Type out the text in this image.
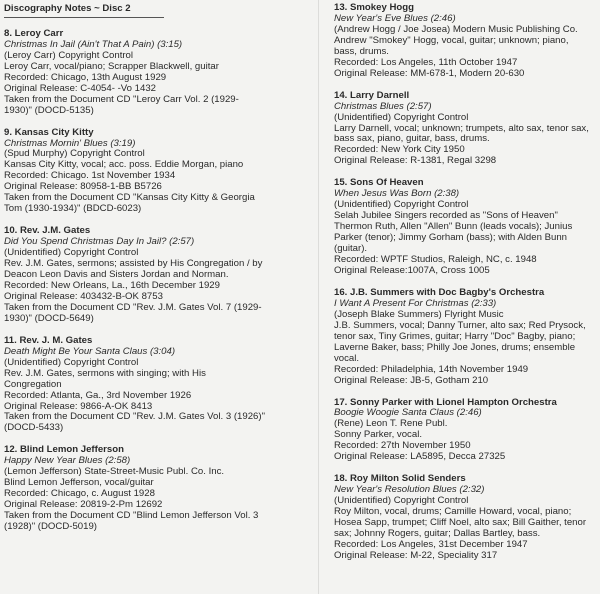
Discography Notes ~ Disc 2
8. Leroy Carr
Christmas In Jail (Ain't That A Pain) (3:15)
(Leroy Carr) Copyright Control
Leroy Carr, vocal/piano; Scrapper Blackwell, guitar
Recorded: Chicago, 13th August 1929
Original Release: C-4054- -Vo 1432
Taken from the Document CD "Leroy Carr Vol. 2 (1929-
1930)" (DOCD-5135)
9. Kansas City Kitty
Christmas Mornin' Blues (3:19)
(Spud Murphy) Copyright Control
Kansas City Kitty, vocal; acc. poss. Eddie Morgan, piano
Recorded: Chicago. 1st November 1934
Original Release: 80958-1-BB B5726
Taken from the Document CD "Kansas City Kitty & Georgia
Tom (1930-1934)" (BDCD-6023)
10. Rev. J.M. Gates
Did You Spend Christmas Day In Jail? (2:57)
(Unidentified) Copyright Control
Rev. J.M. Gates, sermons; assisted by His Congregation / by
Deacon Leon Davis and Sisters Jordan and Norman.
Recorded: New Orleans, La., 16th December 1929
Original Release: 403432-B-OK 8753
Taken from the Document CD "Rev. J.M. Gates Vol. 7 (1929-
1930)" (DOCD-5649)
11. Rev. J. M. Gates
Death Might Be Your Santa Claus (3:04)
(Unidentified) Copyright Control
Rev. J.M. Gates, sermons with singing; with His
Congregation
Recorded: Atlanta, Ga., 3rd November 1926
Original Release: 9866-A-OK 8413
Taken from the Document CD "Rev. J.M. Gates Vol. 3 (1926)"
(DOCD-5433)
12. Blind Lemon Jefferson
Happy New Year Blues (2:58)
(Lemon Jefferson) State-Street-Music Publ. Co. Inc.
Blind Lemon Jefferson, vocal/guitar
Recorded: Chicago, c. August 1928
Original Release: 20819-2-Pm 12692
Taken from the Document CD "Blind Lemon Jefferson Vol. 3
(1928)" (DOCD-5019)
13. Smokey Hogg
New Year's Eve Blues (2:46)
(Andrew Hogg / Joe Josea) Modern Music Publishing Co.
Andrew "Smokey" Hogg, vocal, guitar; unknown; piano,
bass, drums.
Recorded: Los Angeles, 11th October 1947
Original Release: MM-678-1, Modern 20-630
14. Larry Darnell
Christmas Blues (2:57)
(Unidentified) Copyright Control
Larry Darnell, vocal; unknown; trumpets, alto sax, tenor sax,
bass sax, piano, guitar, bass, drums.
Recorded: New York City 1950
Original Release: R-1381, Regal 3298
15. Sons Of Heaven
When Jesus Was Born (2:38)
(Unidentified) Copyright Control
Selah Jubilee Singers recorded as "Sons of Heaven"
Thermon Ruth, Allen "Allen" Bunn (leads vocals); Junius
Parker (tenor); Jimmy Gorham (bass); with Alden Bunn
(guitar).
Recorded: WPTF Studios, Raleigh, NC, c. 1948
Original Release:1007A, Cross 1005
16. J.B. Summers with Doc Bagby's Orchestra
I Want A Present For Christmas (2:33)
(Joseph Blake Summers) Flyright Music
J.B. Summers, vocal; Danny Turner, alto sax; Red Prysock,
tenor sax, Tiny Grimes, guitar; Harry "Doc" Bagby, piano;
Laverne Baker, bass; Philly Joe Jones, drums; ensemble
vocal.
Recorded: Philadelphia, 14th November 1949
Original Release: JB-5, Gotham 210
17. Sonny Parker with Lionel Hampton Orchestra
Boogie Woogie Santa Claus (2:46)
(Rene) Leon T. Rene Publ.
Sonny Parker, vocal.
Recorded: 27th November 1950
Original Release: LA5895, Decca 27325
18. Roy Milton Solid Senders
New Year's Resolution Blues (2:32)
(Unidentified) Copyright Control
Roy Milton, vocal, drums; Camille Howard, vocal, piano;
Hosea Sapp, trumpet; Cliff Noel, alto sax; Bill Gaither, tenor
sax; Johnny Rogers, guitar; Dallas Bartley, bass.
Recorded: Los Angeles, 31st December 1947
Original Release: M-22, Speciality 317
